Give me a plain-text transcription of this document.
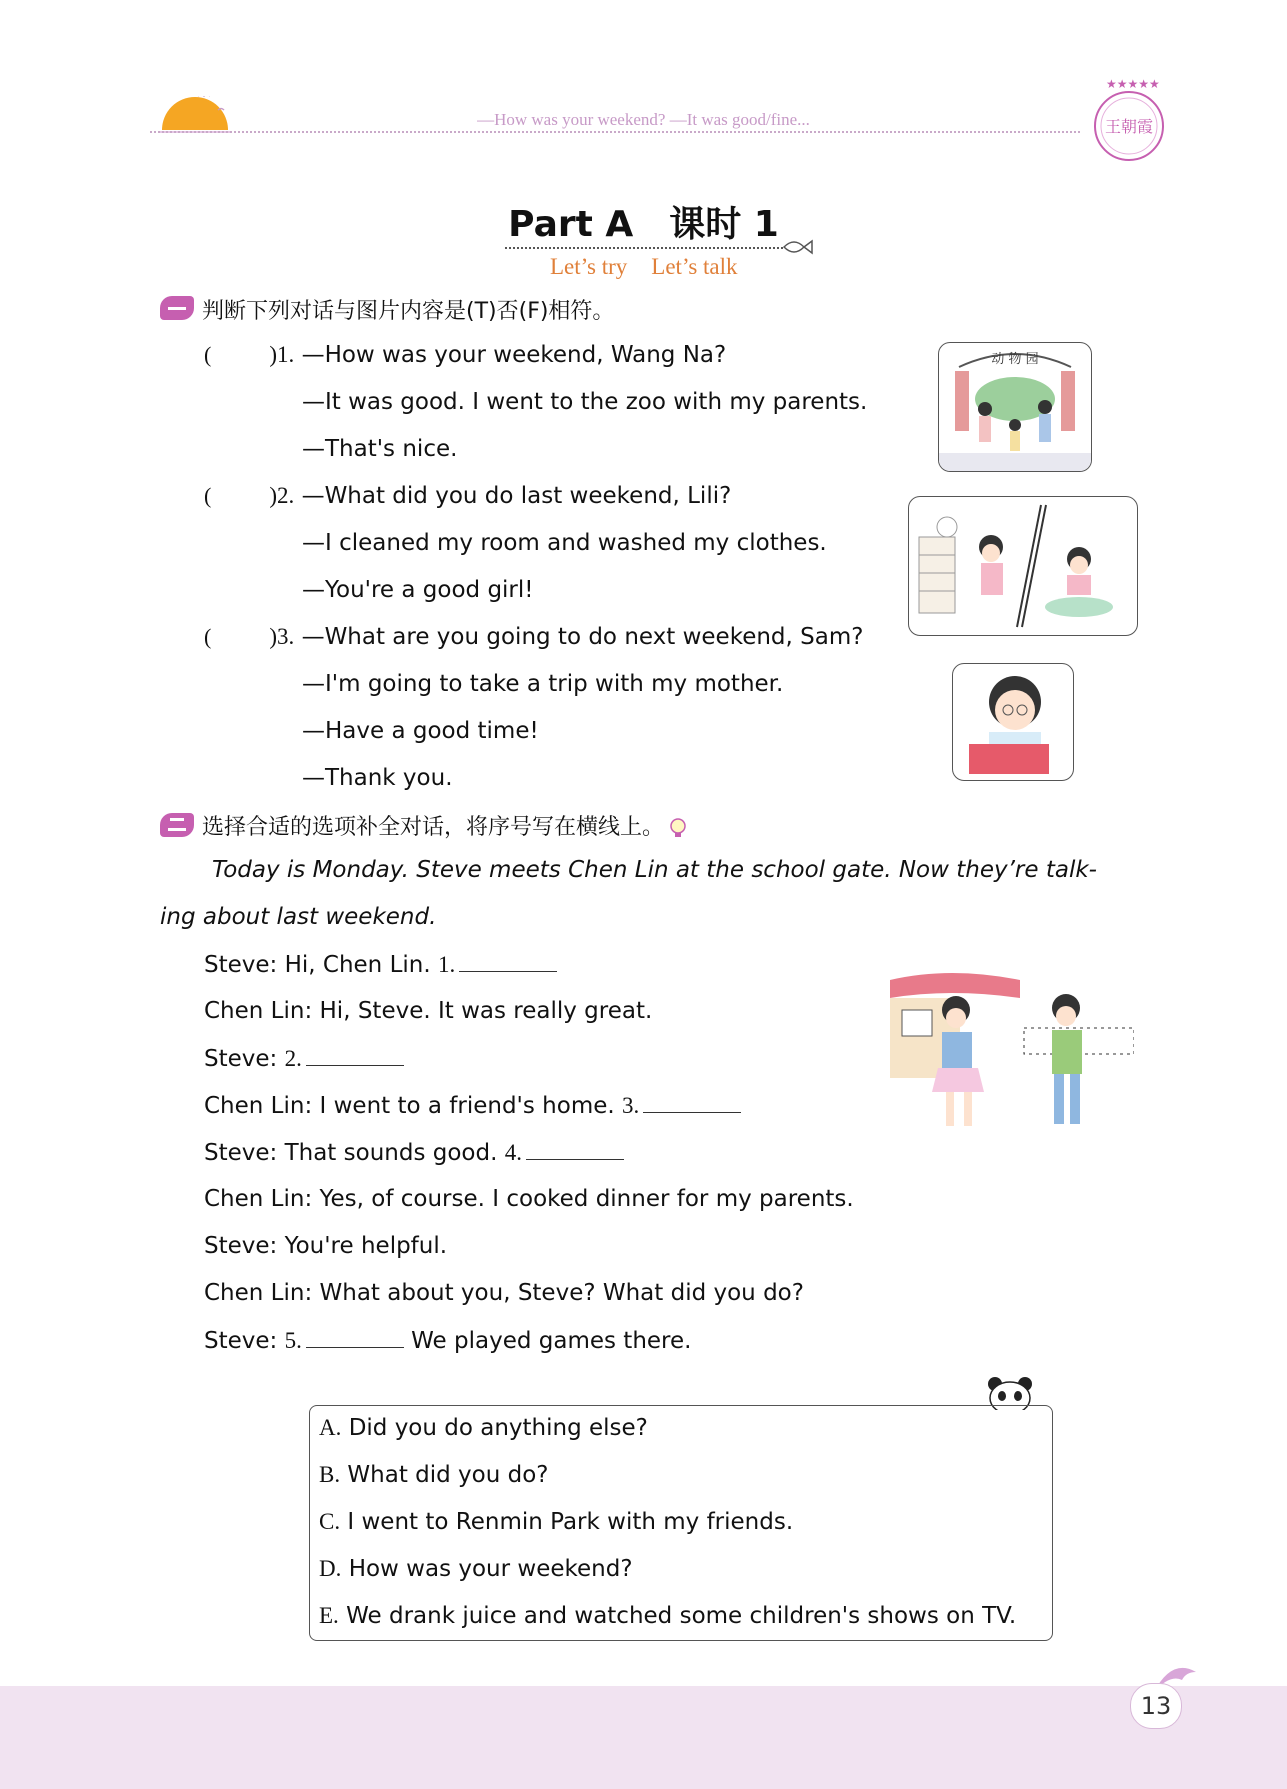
—How was your weekend? —It was good/fine...
★★★★★
王朝霞
Part A　课时 1
Let’s try Let’s talk
判断下列对话与图片内容是(T)否(F)相符。
(	)1. —How was your weekend, Wang Na?
—It was good. I went to the zoo with my parents.
—That's nice.
(	)2. —What did you do last weekend, Lili?
—I cleaned my room and washed my clothes.
—You're a good girl!
(	)3. —What are you going to do next weekend, Sam?
—I'm going to take a trip with my mother.
—Have a good time!
—Thank you.
动 物 园
选择合适的选项补全对话，将序号写在横线上。
Today is Monday. Steve meets Chen Lin at the school gate. Now they’re talk-
ing about last weekend.
Steve: Hi, Chen Lin. 1.
Chen Lin: Hi, Steve. It was really great.
Steve: 2.
Chen Lin: I went to a friend's home. 3.
Steve: That sounds good. 4.
Chen Lin: Yes, of course. I cooked dinner for my parents.
Steve: You're helpful.
Chen Lin: What about you, Steve? What did you do?
Steve: 5.	We played games there.
A. Did you do anything else?
B. What did you do?
C. I went to Renmin Park with my friends.
D. How was your weekend?
E. We drank juice and watched some children's shows on TV.
13
